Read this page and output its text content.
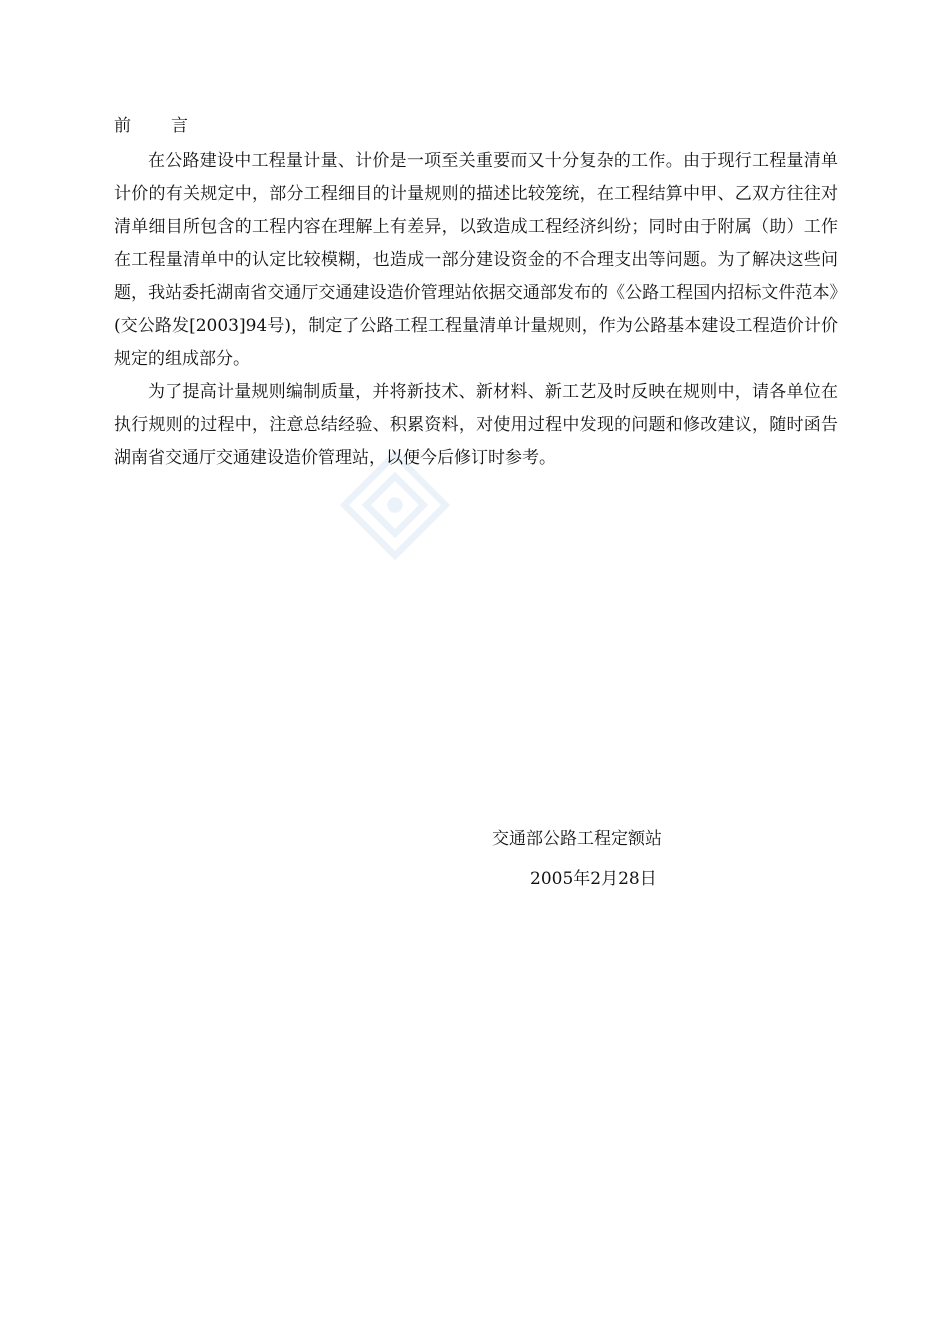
前 言

在公路建设中工程量计量、计价是一项至关重要而又十分复杂的工作。由于现行工程量清单计价的有关规定中，部分工程细目的计量规则的描述比较笼统，在工程结算中甲、乙双方往往对清单细目所包含的工程内容在理解上有差异，以致造成工程经济纠纷；同时由于附属（助）工作在工程量清单中的认定比较模糊，也造成一部分建设资金的不合理支出等问题。为了解决这些问题，我站委托湖南省交通厅交通建设造价管理站依据交通部发布的《公路工程国内招标文件范本》(交公路发[2003]94号)，制定了公路工程工程量清单计量规则，作为公路基本建设工程造价计价规定的组成部分。

为了提高计量规则编制质量，并将新技术、新材料、新工艺及时反映在规则中，请各单位在执行规则的过程中，注意总结经验、积累资料，对使用过程中发现的问题和修改建议，随时函告湖南省交通厅交通建设造价管理站，以便今后修订时参考。

交通部公路工程定额站
2005年2月28日
